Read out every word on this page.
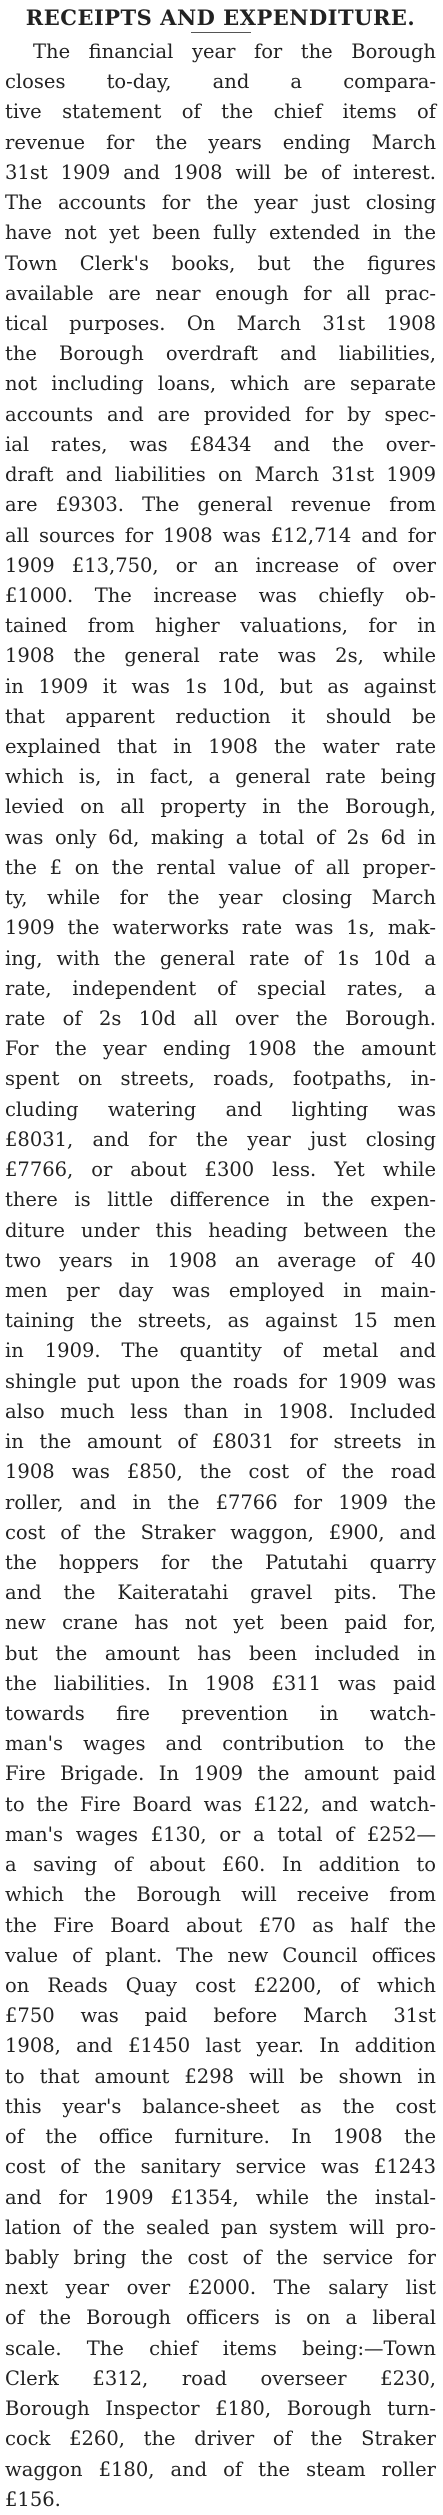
RECEIPTS AND EXPENDITURE.
The financial year for the Borough
closes to-day, and a compara-
tive statement of the chief items of
revenue for the years ending March
31st 1909 and 1908 will be of interest.
The accounts for the year just closing
have not yet been fully extended in the
Town Clerk's books, but the figures
available are near enough for all prac-
tical purposes. On March 31st 1908
the Borough overdraft and liabilities,
not including loans, which are separate
accounts and are provided for by spec-
ial rates, was £8434 and the over-
draft and liabilities on March 31st 1909
are £9303. The general revenue from
all sources for 1908 was £12,714 and for
1909 £13,750, or an increase of over
£1000. The increase was chiefly ob-
tained from higher valuations, for in
1908 the general rate was 2s, while
in 1909 it was 1s 10d, but as against
that apparent reduction it should be
explained that in 1908 the water rate
which is, in fact, a general rate being
levied on all property in the Borough,
was only 6d, making a total of 2s 6d in
the £ on the rental value of all proper-
ty, while for the year closing March
1909 the waterworks rate was 1s, mak-
ing, with the general rate of 1s 10d a
rate, independent of special rates, a
rate of 2s 10d all over the Borough.
For the year ending 1908 the amount
spent on streets, roads, footpaths, in-
cluding watering and lighting was
£8031, and for the year just closing
£7766, or about £300 less. Yet while
there is little difference in the expen-
diture under this heading between the
two years in 1908 an average of 40
men per day was employed in main-
taining the streets, as against 15 men
in 1909. The quantity of metal and
shingle put upon the roads for 1909 was
also much less than in 1908. Included
in the amount of £8031 for streets in
1908 was £850, the cost of the road
roller, and in the £7766 for 1909 the
cost of the Straker waggon, £900, and
the hoppers for the Patutahi quarry
and the Kaiteratahi gravel pits. The
new crane has not yet been paid for,
but the amount has been included in
the liabilities. In 1908 £311 was paid
towards fire prevention in watch-
man's wages and contribution to the
Fire Brigade. In 1909 the amount paid
to the Fire Board was £122, and watch-
man's wages £130, or a total of £252—
a saving of about £60. In addition to
which the Borough will receive from
the Fire Board about £70 as half the
value of plant. The new Council offices
on Reads Quay cost £2200, of which
£750 was paid before March 31st
1908, and £1450 last year. In addition
to that amount £298 will be shown in
this year's balance-sheet as the cost
of the office furniture. In 1908 the
cost of the sanitary service was £1243
and for 1909 £1354, while the instal-
lation of the sealed pan system will pro-
bably bring the cost of the service for
next year over £2000. The salary list
of the Borough officers is on a liberal
scale. The chief items being:—Town
Clerk £312, road overseer £230,
Borough Inspector £180, Borough turn-
cock £260, the driver of the Straker
waggon £180, and of the steam roller
£156.
